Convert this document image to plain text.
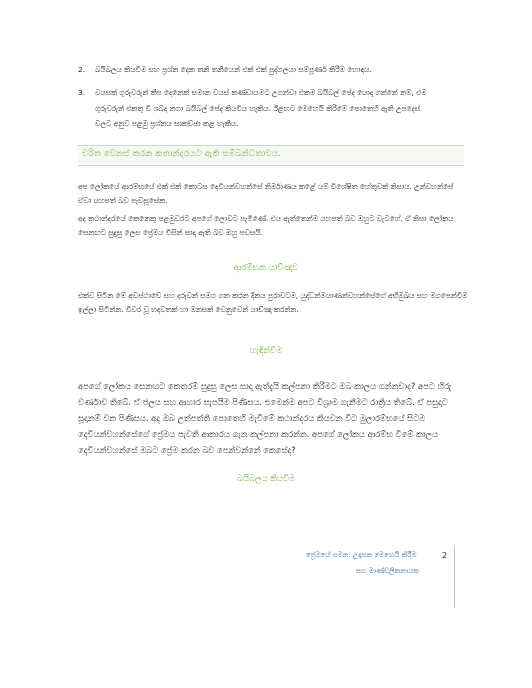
2.	බයිබලය කියවීම සහ ප්‍රශ්න දෙක තනි තනියෙන් එක් එක් පුද්ගලයා සම්පූර්ණ කිරීම හොඳය.
3.	වයසක් ගුරුවරුන් කීප දෙනෙක් සමාන වයස් කණ්ඩායමට උගන්වා එකම බයිබල් පේද යොදා ගන්නේ නම්, එම ගුරුවරුන් එකතු වී ශබ්ද නගා බයිබල් පේද කියවිය හැකිය. ඊළඟට මෙහෙයි කිරීමේ පොතෙහි ඇති උපදෙස් වලට අනුව පළමු ප්‍රශ්නය සාකච්ඡා කළ හැකිය.
චරිත වෙනස් කරන කතාන්දරයට ඇති සම්බන්ධතාවය.
අප ලෝකයේ ආරම්භයේ එක් එක් කොටස දෙවියන්වහන්සේ නිර්මාණය කළේ යම් විශේෂිත හේතුවක් නිසාය. උන්වහන්සේ ඒවා යහපත් බව පැවසූසේක.
අද කථාන්දරයේ කෙනෙකු පළමුවරට අපගේ ලොවට පැමිණේ. එය ඇත්තෙන්ම යහපත් බව ඔහුට වැටහේ. ඒ නිසා ලෝකය සෙනඟට සුදුසු ලෙස ප්‍රේමය විසින් සාදා ඇති බව ඔහු පවසයි.
ආරම්භක යාච්ඤාව
එක්ව සිටින මේ අවස්ථාවේ සහ දරුවන් සමග ගත කරන දිනය පුරාවටම, යුද්ධන්මයාණන්වහන්සේගේ අභිමුඛය සහ මගපෙන්වීම ඉල්ලා සිටින්න. විවර වූ හදවතක් හා මනසක් වෙනුවෙන් යාච්ඤා කරන්න.
හැඳින්වීම
අපගේ ලෝකය සෙනඟට කෙතරම් සුදුසු ලෙස සාදා ඇත්දැයි කල්පනා කිරීමට ඔබ කාලය ගන්නවාද? අපට හිරු වර්ණාව තිබේ. ඒ ජලය සහ ආහාර සැපයීම පිණිසය. එමෙන්ම අපට විශ්‍රාම ගැනීමට රාත්‍රිය තිබේ. ඒ පසුදාට සූදානම් වන පිණිසය. අද ඔබ උත්පත්ති පොතෙහි මැවීමේ කථාන්දරය කියවන විට මුලාරම්භයේ සිටම දෙවියන්වහන්සේගේ ප්‍රේමය පැවති ආකාරය ගැන කල්පනා කරන්න. අපගේ ලෝකය ආරම්භ වීමේ කාලය දෙවියන්වහන්සේ ඔබට ප්‍රේම කරන බව පෙන්වන්නේ කෙසේද?
බයිබලය කියවීම
ප්‍රේමයේ ගමන: උදෑසන මෙහෙයි කිරීම
සහ මාණ්ඩලිකනායක
2
